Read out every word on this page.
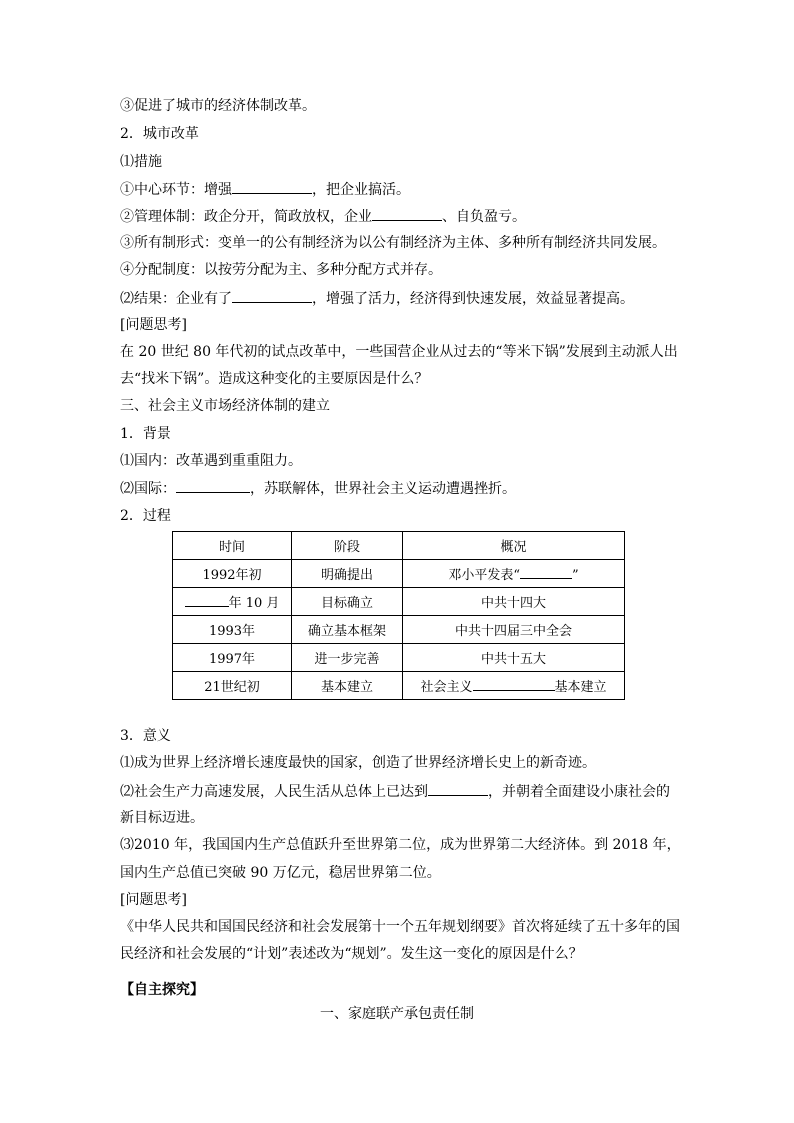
③促进了城市的经济体制改革。
2．城市改革
⑴措施
①中心环节：增强	，把企业搞活。
②管理体制：政企分开，简政放权，企业	、自负盈亏。
③所有制形式：变单一的公有制经济为以公有制经济为主体、多种所有制经济共同发展。
④分配制度：以按劳分配为主、多种分配方式并存。
⑵结果：企业有了	，增强了活力，经济得到快速发展，效益显著提高。
[问题思考]
在 20 世纪 80 年代初的试点改革中，一些国营企业从过去的“等米下锅”发展到主动派人出
去“找米下锅”。造成这种变化的主要原因是什么？
三、社会主义市场经济体制的建立
1．背景
⑴国内：改革遇到重重阻力。
⑵国际：	，苏联解体，世界社会主义运动遭遇挫折。
2．过程
时间	阶段	概况
1992年初	明确提出	邓小平发表“ ”
年 10 月	目标确立	中共十四大
1993年	确立基本框架	中共十四届三中全会
1997年	进一步完善	中共十五大
21世纪初	基本建立	社会主义 基本建立
3．意义
⑴成为世界上经济增长速度最快的国家，创造了世界经济增长史上的新奇迹。
⑵社会生产力高速发展，人民生活从总体上已达到	，并朝着全面建设小康社会的
新目标迈进。
⑶2010 年，我国国内生产总值跃升至世界第二位，成为世界第二大经济体。到 2018 年，
国内生产总值已突破 90 万亿元，稳居世界第二位。
[问题思考]
《中华人民共和国国民经济和社会发展第十一个五年规划纲要》首次将延续了五十多年的国
民经济和社会发展的“计划”表述改为“规划”。发生这一变化的原因是什么？
【自主探究】
一、家庭联产承包责任制
